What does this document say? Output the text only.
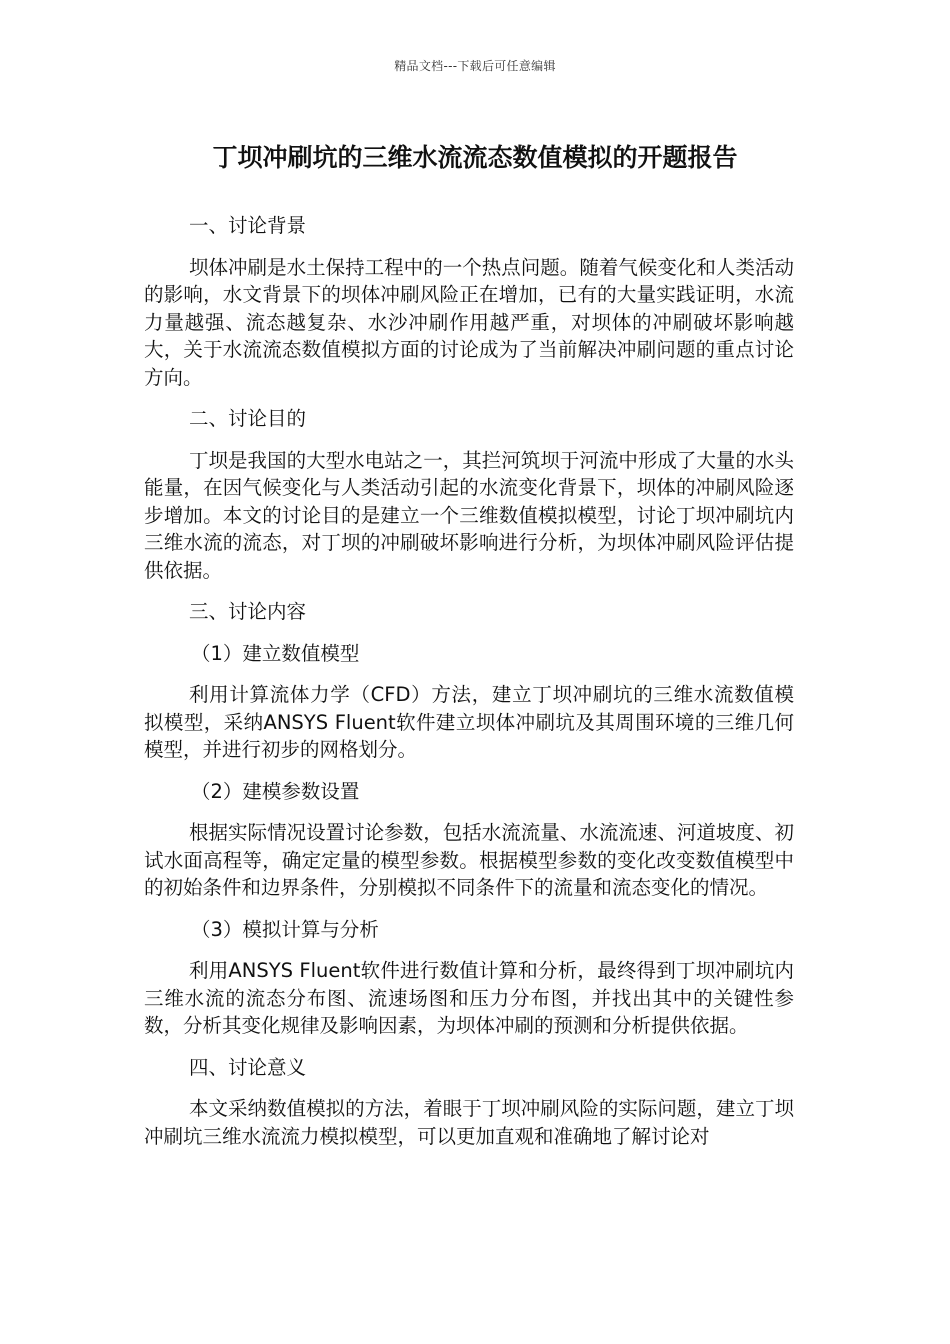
精品文档---下载后可任意编辑
丁坝冲刷坑的三维水流流态数值模拟的开题报告
一、讨论背景

坝体冲刷是水土保持工程中的一个热点问题。随着气候变化和人类活动的影响，水文背景下的坝体冲刷风险正在增加，已有的大量实践证明，水流力量越强、流态越复杂、水沙冲刷作用越严重，对坝体的冲刷破坏影响越大，关于水流流态数值模拟方面的讨论成为了当前解决冲刷问题的重点讨论方向。

二、讨论目的

丁坝是我国的大型水电站之一，其拦河筑坝于河流中形成了大量的水头能量，在因气候变化与人类活动引起的水流变化背景下，坝体的冲刷风险逐步增加。本文的讨论目的是建立一个三维数值模拟模型，讨论丁坝冲刷坑内三维水流的流态，对丁坝的冲刷破坏影响进行分析，为坝体冲刷风险评估提供依据。

三、讨论内容
（1）建立数值模型

利用计算流体力学（CFD）方法，建立丁坝冲刷坑的三维水流数值模拟模型，采纳ANSYS Fluent软件建立坝体冲刷坑及其周围环境的三维几何模型，并进行初步的网格划分。

（2）建模参数设置

根据实际情况设置讨论参数，包括水流流量、水流流速、河道坡度、初试水面高程等，确定定量的模型参数。根据模型参数的变化改变数值模型中的初始条件和边界条件，分别模拟不同条件下的流量和流态变化的情况。

（3）模拟计算与分析

利用ANSYS Fluent软件进行数值计算和分析，最终得到丁坝冲刷坑内三维水流的流态分布图、流速场图和压力分布图，并找出其中的关键性参数，分析其变化规律及影响因素，为坝体冲刷的预测和分析提供依据。

四、讨论意义

本文采纳数值模拟的方法，着眼于丁坝冲刷风险的实际问题，建立丁坝冲刷坑三维水流流力模拟模型，可以更加直观和准确地了解讨论对
